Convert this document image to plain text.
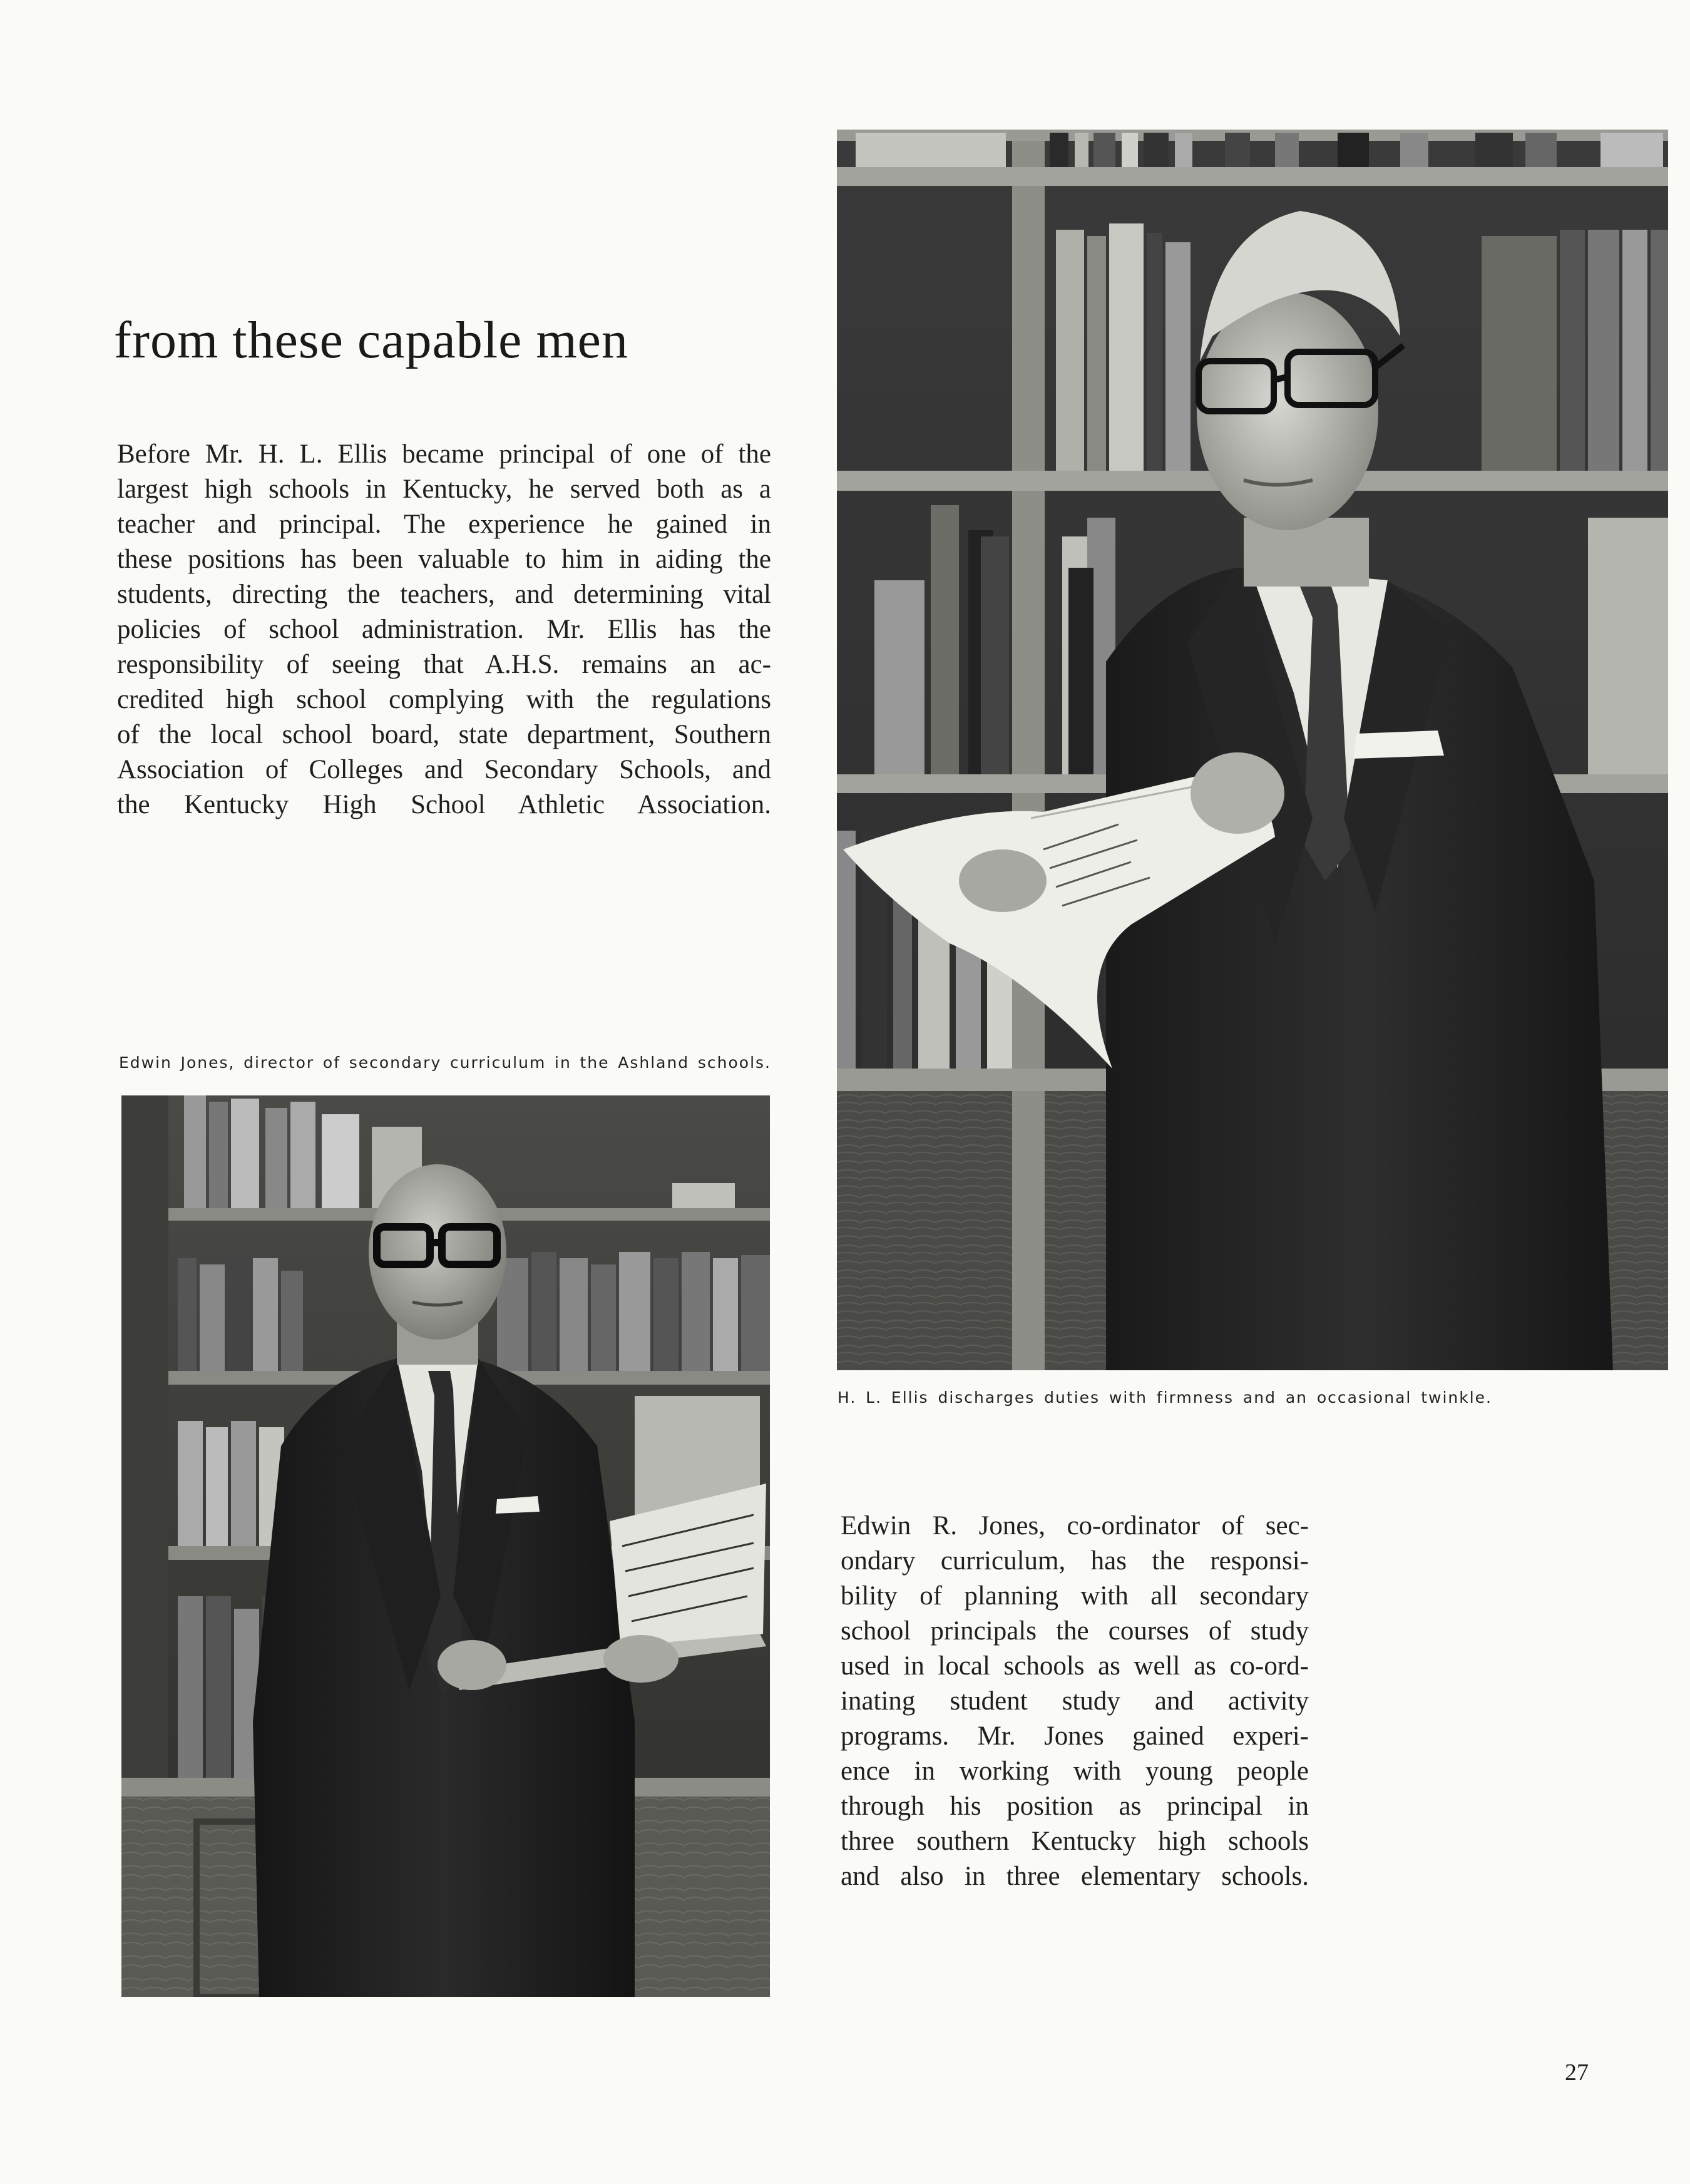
from these capable men
Before Mr. H. L. Ellis became principal of one of the
largest high schools in Kentucky, he served both as a
teacher and principal. The experience he gained in
these positions has been valuable to him in aiding the
students, directing the teachers, and determining vital
policies of school administration. Mr. Ellis has the
responsibility of seeing that A.H.S. remains an ac-
credited high school complying with the regulations
of the local school board, state department, Southern
Association of Colleges and Secondary Schools, and
the Kentucky High School Athletic Association.
Edwin Jones, director of secondary curriculum in the Ashland schools.
H. L. Ellis discharges duties with firmness and an occasional twinkle.
Edwin R. Jones, co-ordinator of sec-
ondary curriculum, has the responsi-
bility of planning with all secondary
school principals the courses of study
used in local schools as well as co-ord-
inating student study and activity
programs. Mr. Jones gained experi-
ence in working with young people
through his position as principal in
three southern Kentucky high schools
and also in three elementary schools.
27
